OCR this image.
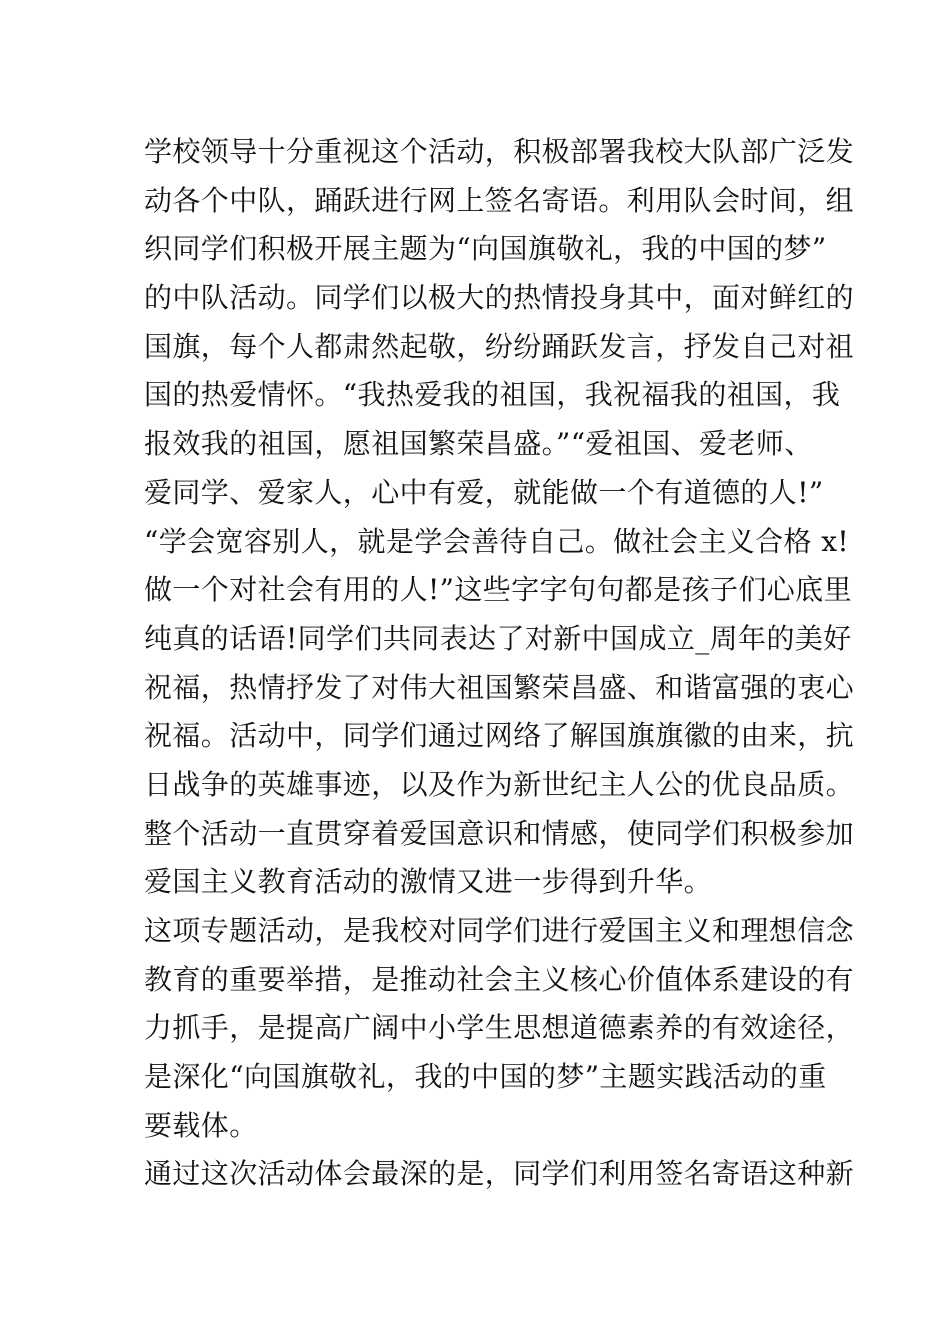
学校领导十分重视这个活动，积极部署我校大队部广泛发
动各个中队，踊跃进行网上签名寄语。利用队会时间，组
织同学们积极开展主题为“向国旗敬礼，我的中国的梦”
的中队活动。同学们以极大的热情投身其中，面对鲜红的
国旗，每个人都肃然起敬，纷纷踊跃发言，抒发自己对祖
国的热爱情怀。“我热爱我的祖国，我祝福我的祖国，我
报效我的祖国，愿祖国繁荣昌盛。”“爱祖国、爱老师、
爱同学、爱家人，心中有爱，就能做一个有道德的人!”
“学会宽容别人，就是学会善待自己。做社会主义合格 x!
做一个对社会有用的人!”这些字字句句都是孩子们心底里
纯真的话语!同学们共同表达了对新中国成立_周年的美好
祝福，热情抒发了对伟大祖国繁荣昌盛、和谐富强的衷心
祝福。活动中，同学们通过网络了解国旗旗徽的由来，抗
日战争的英雄事迹，以及作为新世纪主人公的优良品质。
整个活动一直贯穿着爱国意识和情感，使同学们积极参加
爱国主义教育活动的激情又进一步得到升华。
这项专题活动，是我校对同学们进行爱国主义和理想信念
教育的重要举措，是推动社会主义核心价值体系建设的有
力抓手，是提高广阔中小学生思想道德素养的有效途径，
是深化“向国旗敬礼，我的中国的梦”主题实践活动的重
要载体。
通过这次活动体会最深的是，同学们利用签名寄语这种新
